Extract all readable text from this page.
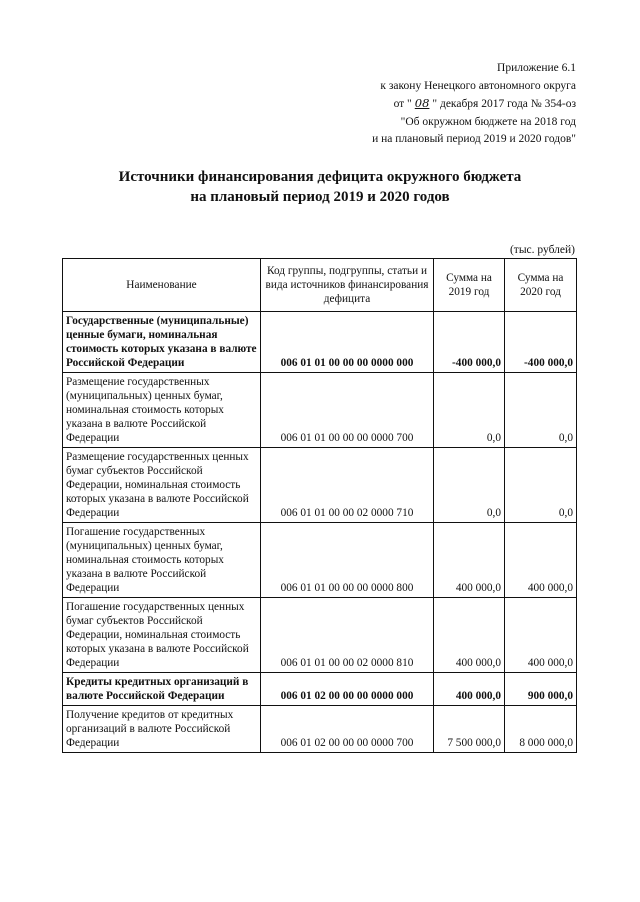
Приложение 6.1
к закону Ненецкого автономного округа
от " 08 " декабря 2017 года № 354-оз
"Об окружном бюджете на 2018 год
и на плановый период 2019 и 2020 годов"
Источники финансирования дефицита окружного бюджета
на плановый период 2019 и 2020 годов
(тыс. рублей)
Наименование	Код группы, подгруппы, статьи и вида источников финансирования дефицита	Сумма на 2019 год	Сумма на 2020 год
Государственные (муниципальные) ценные бумаги, номинальная стоимость которых указана в валюте Российской Федерации	006 01 01 00 00 00 0000 000	-400 000,0	-400 000,0
Размещение государственных (муниципальных) ценных бумаг, номинальная стоимость которых указана в валюте Российской Федерации	006 01 01 00 00 00 0000 700	0,0	0,0
Размещение государственных ценных бумаг субъектов Российской Федерации, номинальная стоимость которых указана в валюте Российской Федерации	006 01 01 00 00 02 0000 710	0,0	0,0
Погашение государственных (муниципальных) ценных бумаг, номинальная стоимость которых указана в валюте Российской Федерации	006 01 01 00 00 00 0000 800	400 000,0	400 000,0
Погашение государственных ценных бумаг субъектов Российской Федерации, номинальная стоимость которых указана в валюте Российской Федерации	006 01 01 00 00 02 0000 810	400 000,0	400 000,0
Кредиты кредитных организаций в валюте Российской Федерации	006 01 02 00 00 00 0000 000	400 000,0	900 000,0
Получение кредитов от кредитных организаций в валюте Российской Федерации	006 01 02 00 00 00 0000 700	7 500 000,0	8 000 000,0
